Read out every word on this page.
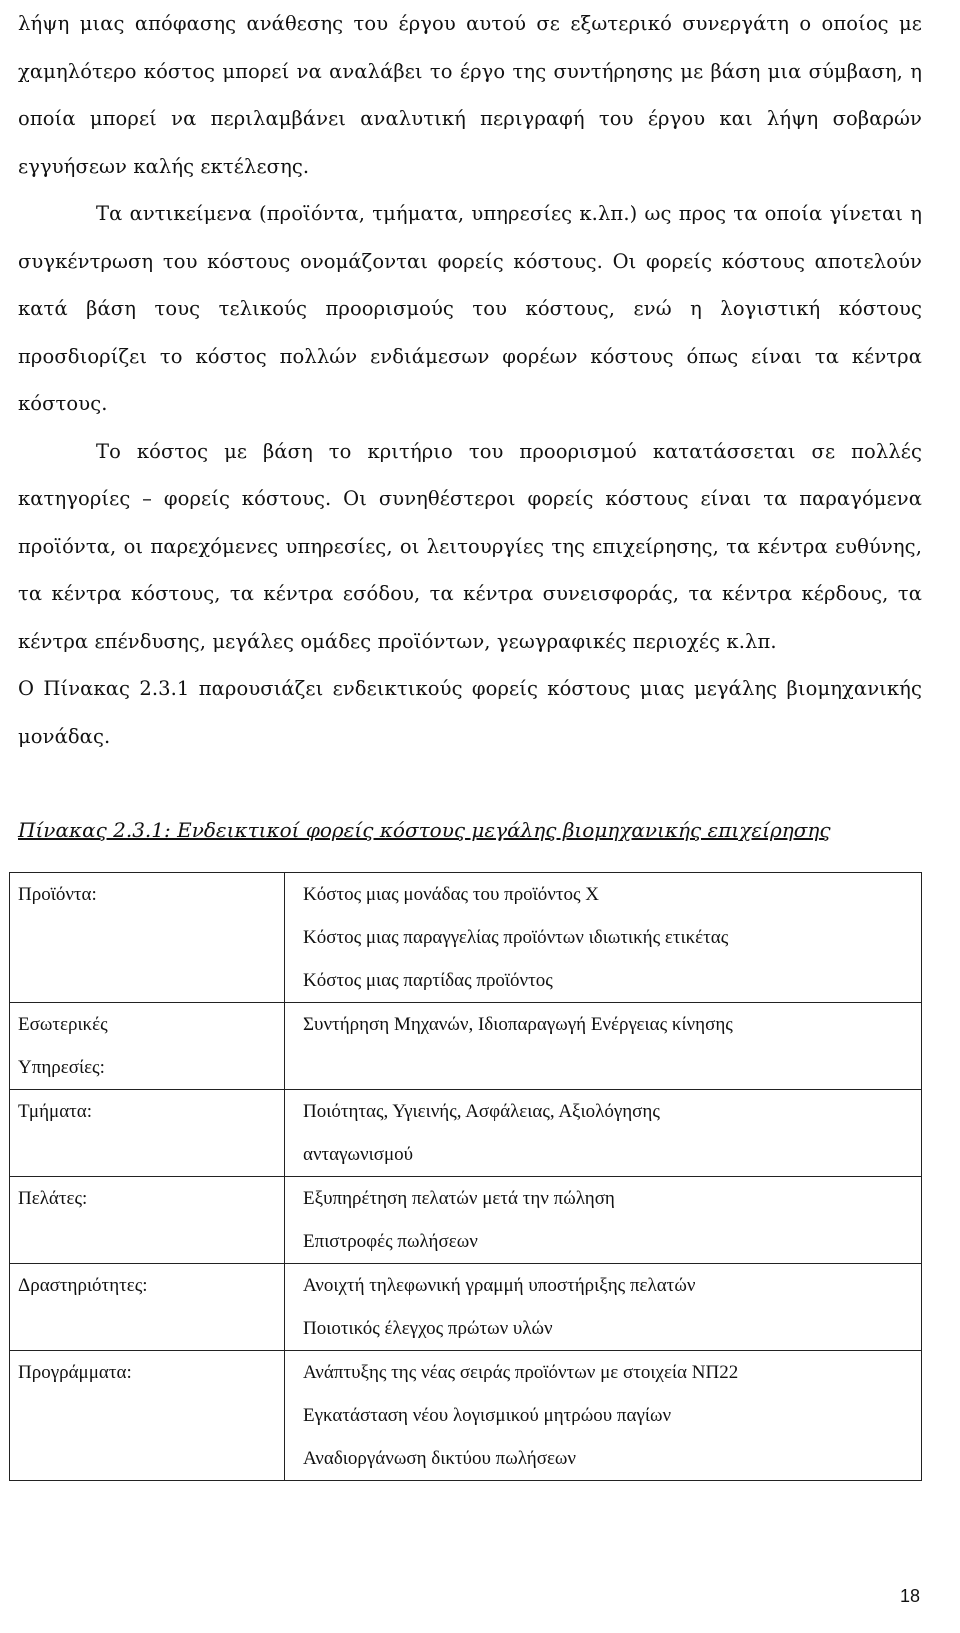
λήψη μιας απόφασης ανάθεσης του έργου αυτού σε εξωτερικό συνεργάτη ο οποίος με χαμηλότερο κόστος μπορεί να αναλάβει το έργο της συντήρησης με βάση μια σύμβαση, η οποία μπορεί να περιλαμβάνει αναλυτική περιγραφή του έργου και λήψη σοβαρών εγγυήσεων καλής εκτέλεσης.

Τα αντικείμενα (προϊόντα, τμήματα, υπηρεσίες κ.λπ.) ως προς τα οποία γίνεται η συγκέντρωση του κόστους ονομάζονται φορείς κόστους. Οι φορείς κόστους αποτελούν κατά βάση τους τελικούς προορισμούς του κόστους, ενώ η λογιστική κόστους προσδιορίζει το κόστος πολλών ενδιάμεσων φορέων κόστους όπως είναι τα κέντρα κόστους.

Το κόστος με βάση το κριτήριο του προορισμού κατατάσσεται σε πολλές κατηγορίες – φορείς κόστους. Οι συνηθέστεροι φορείς κόστους είναι τα παραγόμενα προϊόντα, οι παρεχόμενες υπηρεσίες, οι λειτουργίες της επιχείρησης, τα κέντρα ευθύνης, τα κέντρα κόστους, τα κέντρα εσόδου, τα κέντρα συνεισφοράς, τα κέντρα κέρδους, τα κέντρα επένδυσης, μεγάλες ομάδες προϊόντων, γεωγραφικές περιοχές κ.λπ.

Ο Πίνακας 2.3.1 παρουσιάζει ενδεικτικούς φορείς κόστους μιας μεγάλης βιομηχανικής μονάδας.

Πίνακας 2.3.1: Ενδεικτικοί φορείς κόστους μεγάλης βιομηχανικής επιχείρησης
Προϊόντα:	Κόστος μιας μονάδας του προϊόντος Χ
Κόστος μιας παραγγελίας προϊόντων ιδιωτικής ετικέτας
Κόστος μιας παρτίδας προϊόντος

Εσωτερικές
Υπηρεσίες:	Συντήρηση Μηχανών, Ιδιοπαραγωγή Ενέργειας κίνησης

Τμήματα:	Ποιότητας, Υγιεινής, Ασφάλειας, Αξιολόγησης
ανταγωνισμού

Πελάτες:	Εξυπηρέτηση πελατών μετά την πώληση
Επιστροφές πωλήσεων

Δραστηριότητες:	Ανοιχτή τηλεφωνική γραμμή υποστήριξης πελατών
Ποιοτικός έλεγχος πρώτων υλών

Προγράμματα:	Ανάπτυξης της νέας σειράς προϊόντων με στοιχεία ΝΠ22
Εγκατάσταση νέου λογισμικού μητρώου παγίων
Αναδιοργάνωση δικτύου πωλήσεων
18
